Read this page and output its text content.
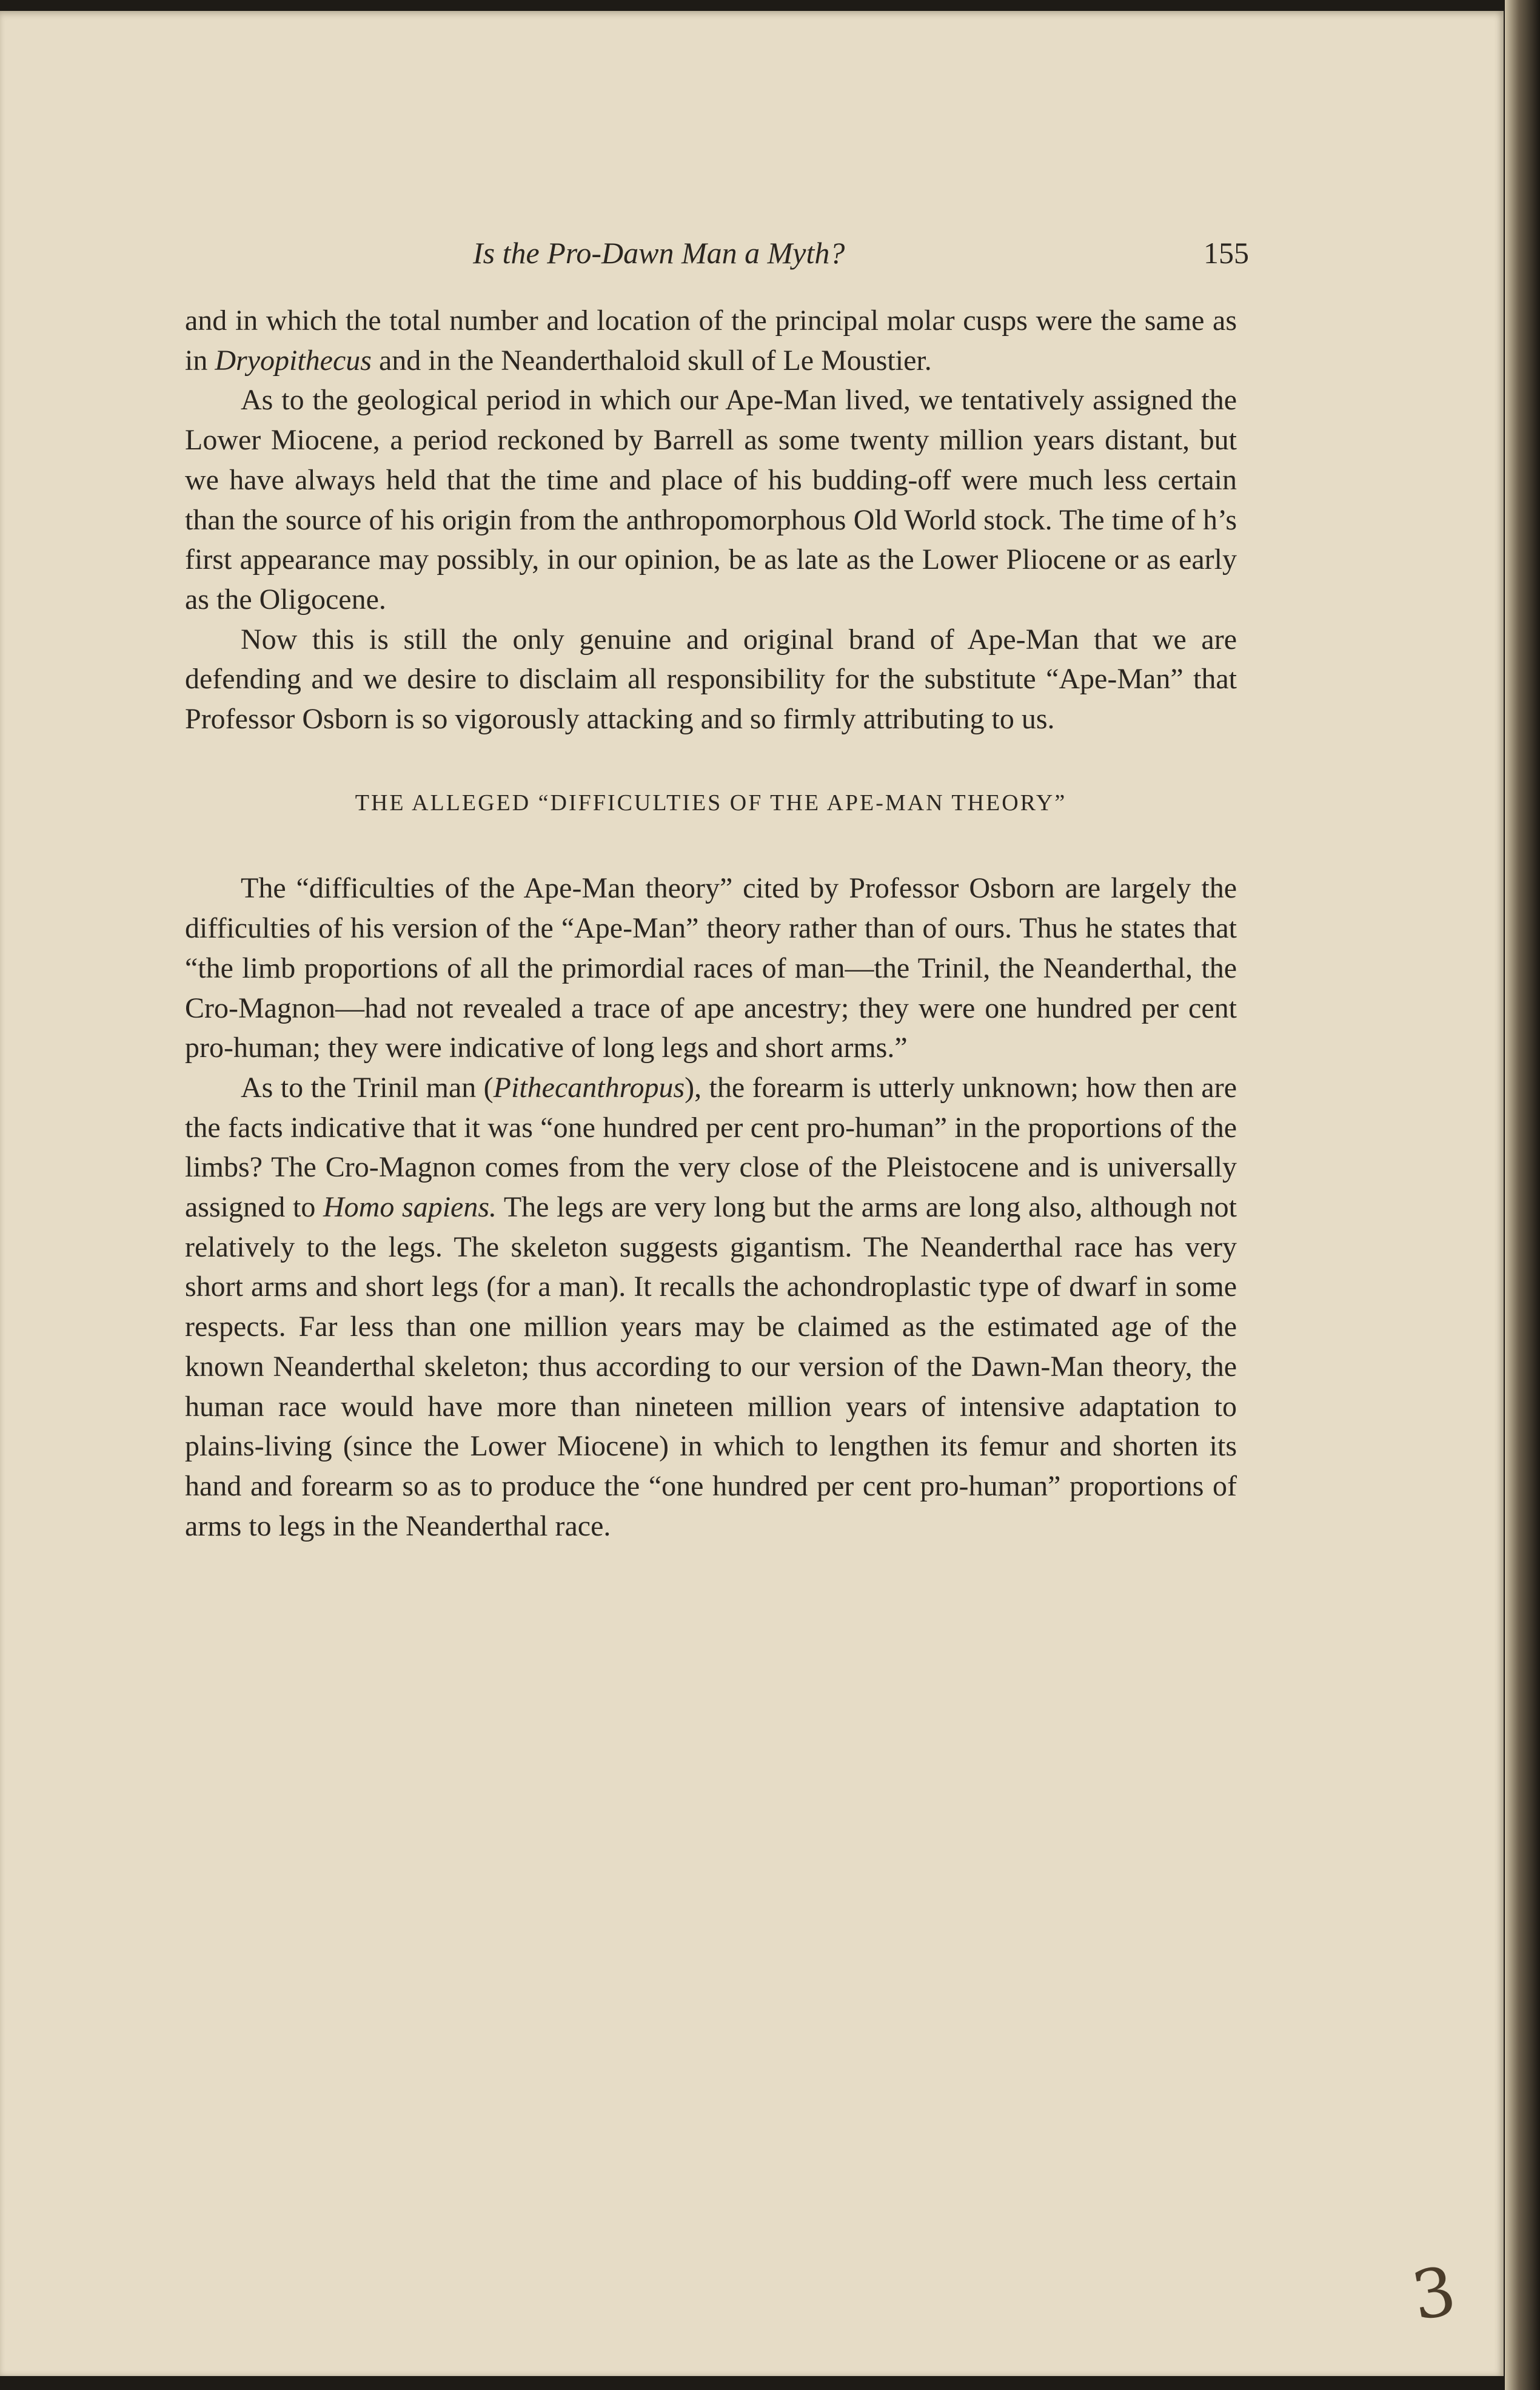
Is the Pro-Dawn Man a Myth?	155

and in which the total number and location of the principal molar cusps were the same as in Dryopithecus and in the Neanderthaloid skull of Le Moustier.

As to the geological period in which our Ape-Man lived, we tentatively assigned the Lower Miocene, a period reckoned by Barrell as some twenty million years distant, but we have always held that the time and place of his budding-off were much less certain than the source of his origin from the anthropomorphous Old World stock. The time of h’s first appearance may possibly, in our opinion, be as late as the Lower Pliocene or as early as the Oligocene.

Now this is still the only genuine and original brand of Ape-Man that we are defending and we desire to disclaim all responsibility for the substitute “Ape-Man” that Professor Osborn is so vigorously attacking and so firmly attributing to us.

THE ALLEGED “DIFFICULTIES OF THE APE-MAN THEORY”

The “difficulties of the Ape-Man theory” cited by Professor Osborn are largely the difficulties of his version of the “Ape-Man” theory rather than of ours. Thus he states that “the limb proportions of all the primordial races of man—the Trinil, the Neanderthal, the Cro-Magnon—had not revealed a trace of ape ancestry; they were one hundred per cent pro-human; they were indicative of long legs and short arms.”

As to the Trinil man (Pithecanthropus), the forearm is utterly unknown; how then are the facts indicative that it was “one hundred per cent pro-human” in the proportions of the limbs? The Cro-Magnon comes from the very close of the Pleistocene and is universally assigned to Homo sapiens. The legs are very long but the arms are long also, although not relatively to the legs. The skeleton suggests gigantism. The Neanderthal race has very short arms and short legs (for a man). It recalls the achondroplastic type of dwarf in some respects. Far less than one million years may be claimed as the estimated age of the known Neanderthal skeleton; thus according to our version of the Dawn-Man theory, the human race would have more than nineteen million years of intensive adaptation to plains-living (since the Lower Miocene) in which to lengthen its femur and shorten its hand and forearm so as to produce the “one hundred per cent pro-human” proportions of arms to legs in the Neanderthal race.

3
